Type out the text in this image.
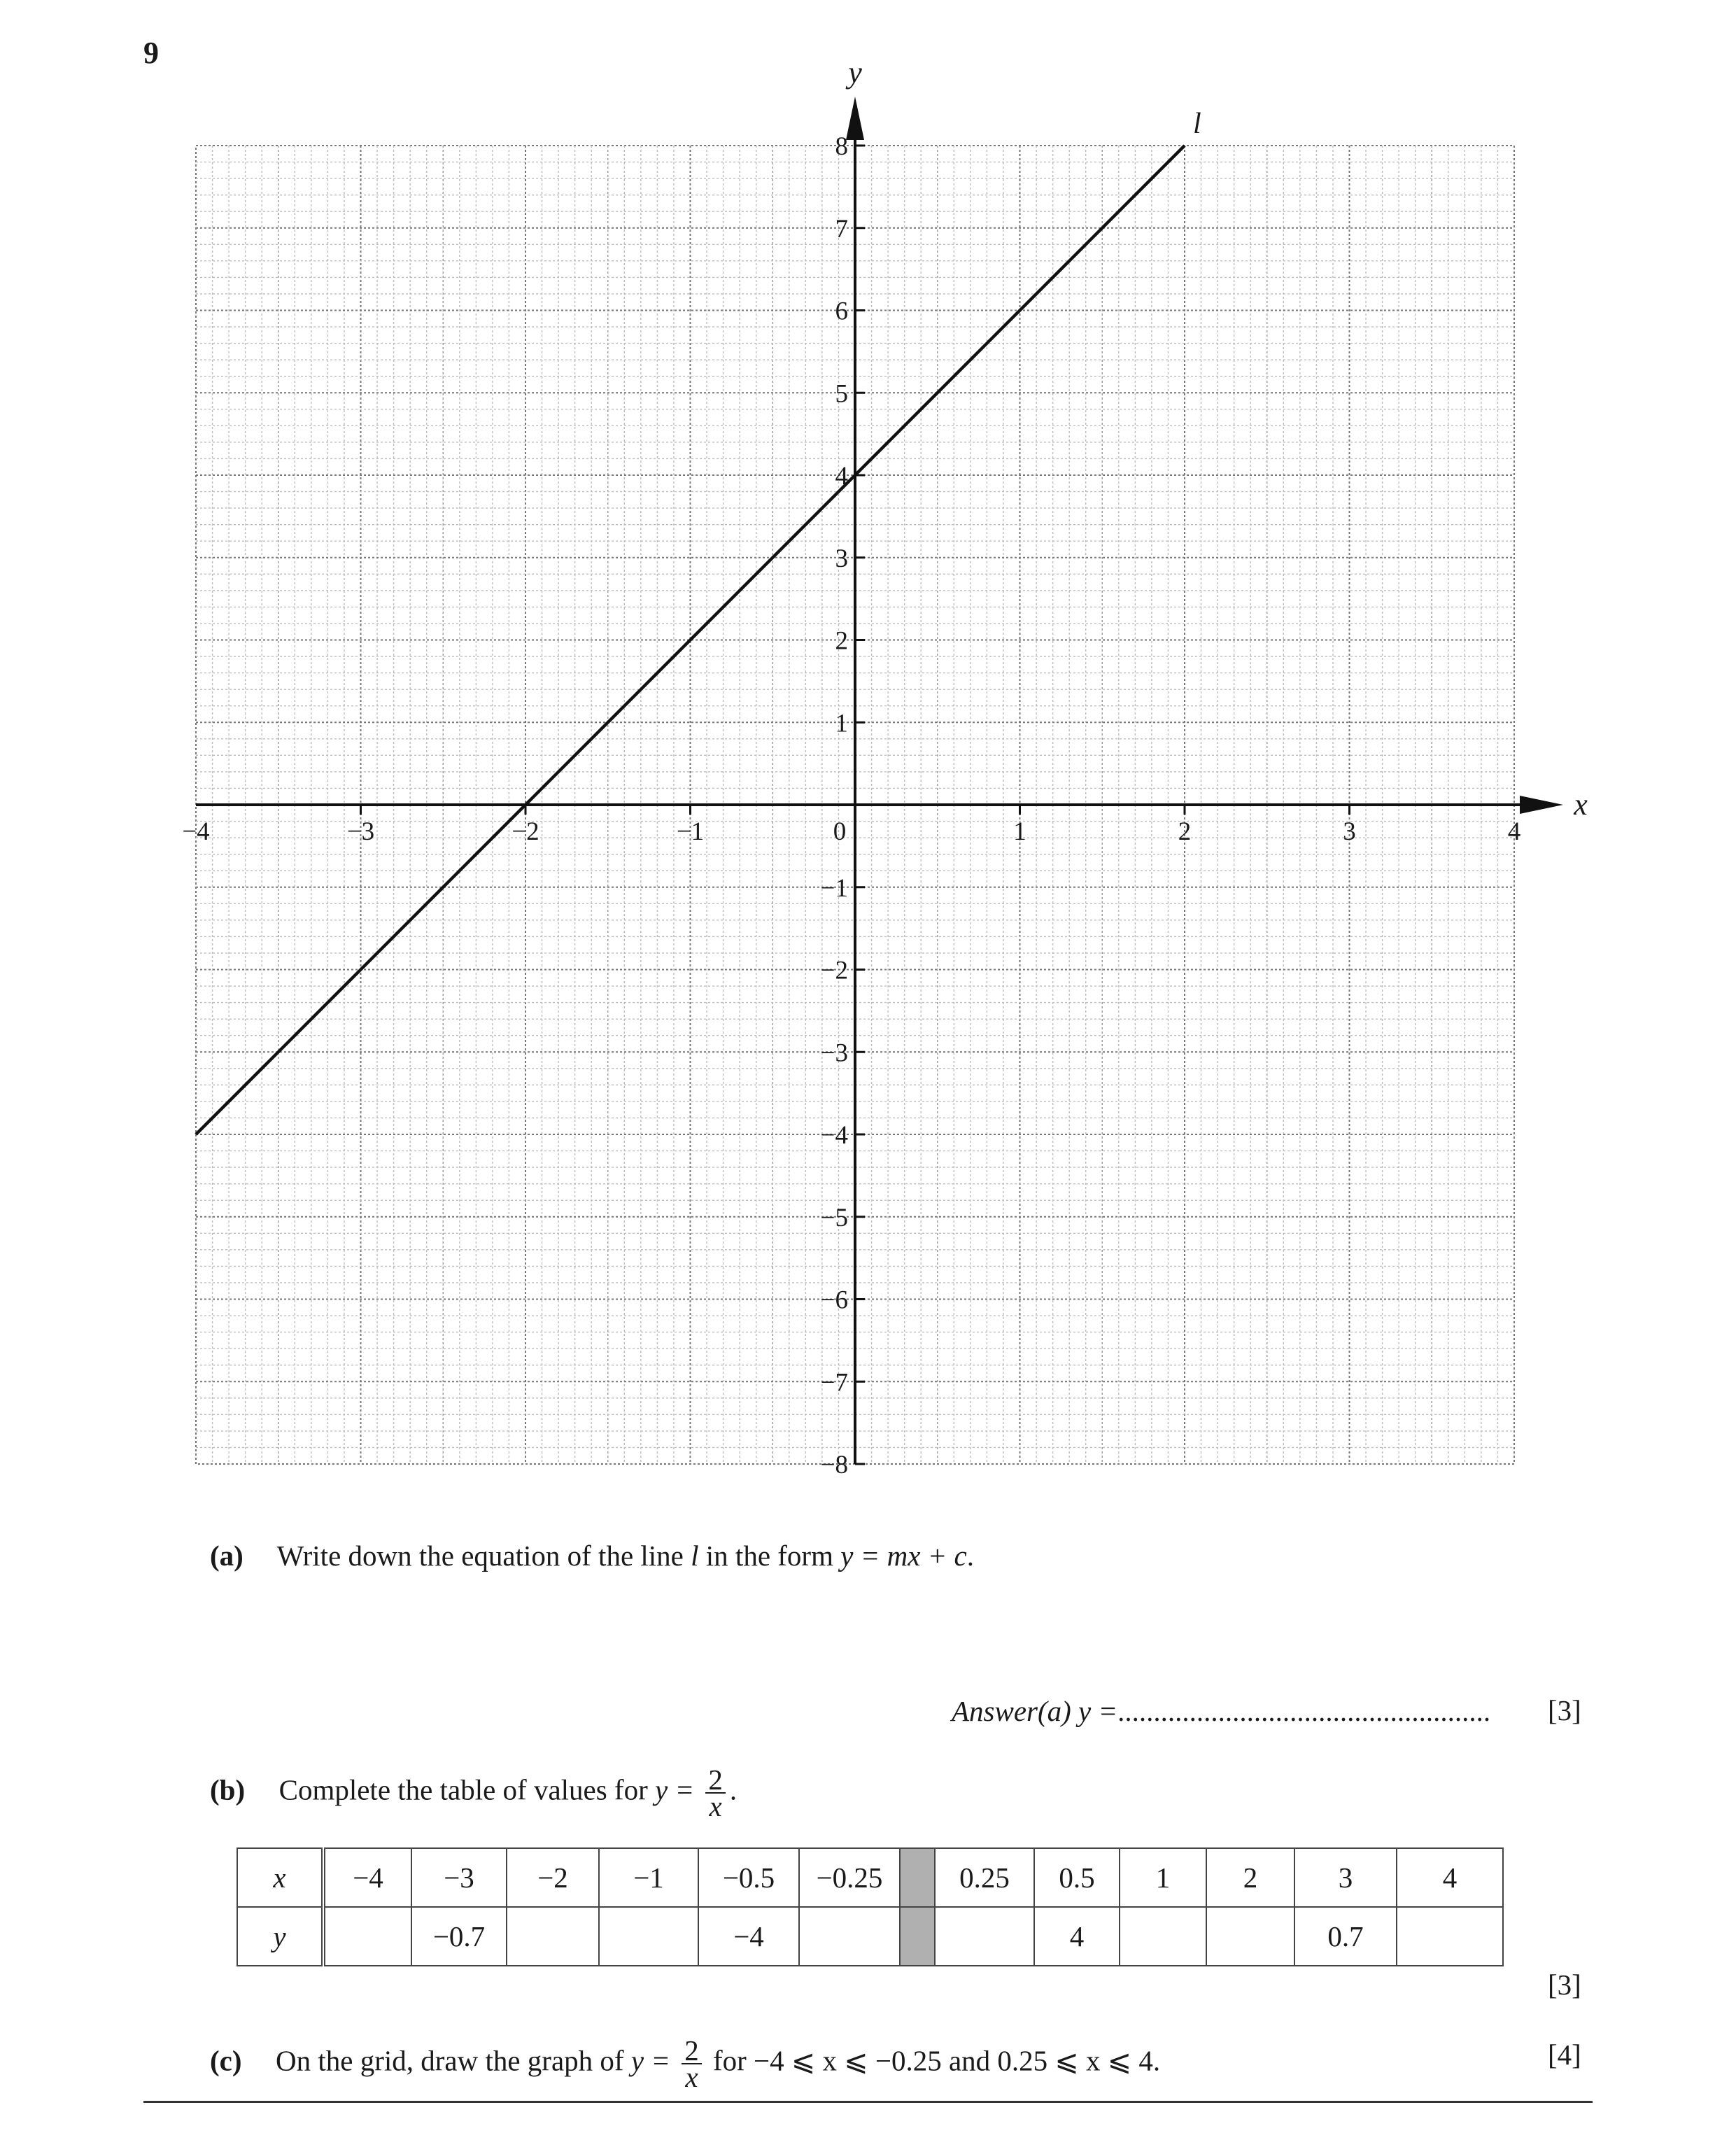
9
x
y
−4	−3	−2	−1	0	1	2	3	4
8
7
6
5
4
3
2
1
−1
−2
−3
−4
−5
−6
−7
−8
l
(a) Write down the equation of the line l in the form y = mx + c.
Answer(a) y =.................................................... [3]
(b) Complete the table of values for $y = \frac{2}{x}$ .
x	−4	−3	−2	−1	−0.5	−0.25		0.25	0.5	1	2	3	4
y		−0.7			−4				4			0.7	
[3]
(c) On the grid, draw the graph of $y = \frac{2}{x}$ for −4 ⩽ x ⩽ −0.25 and 0.25 ⩽ x ⩽ 4.	[4]
